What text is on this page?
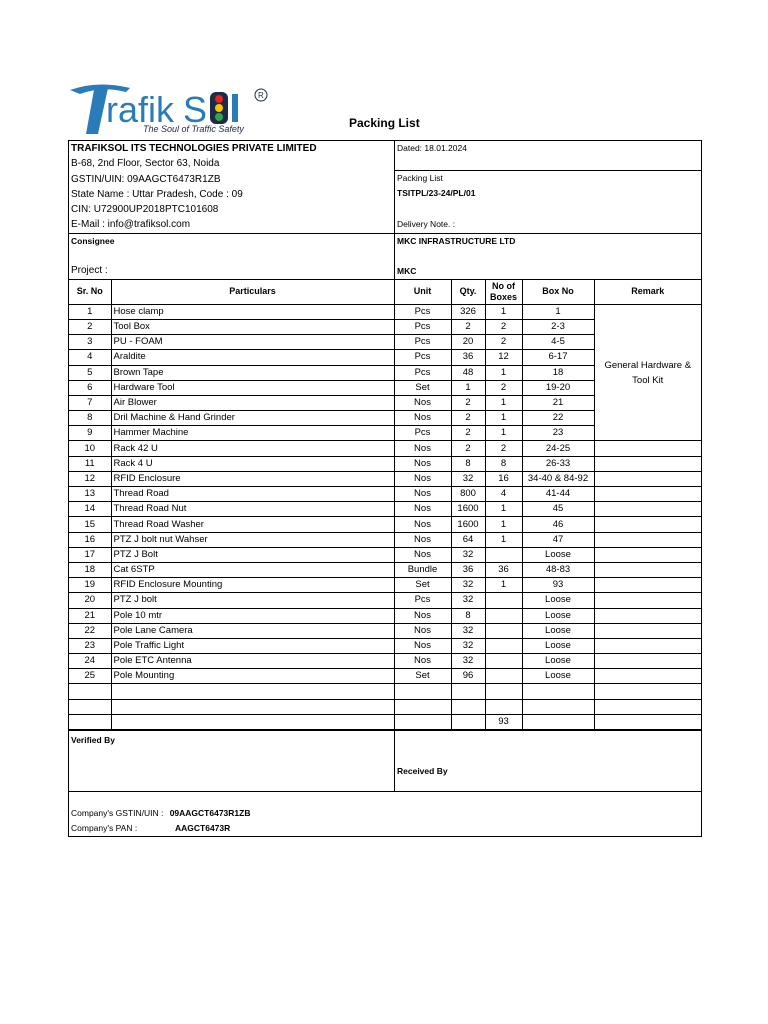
rafik S	R
The Soul of Traffic Safety	Packing List
TRAFIKSOL ITS TECHNOLOGIES PRIVATE LIMITED
B-68, 2nd Floor, Sector 63, Noida
GSTIN/UIN: 09AAGCT6473R1ZB
State Name : Uttar Pradesh, Code : 09
CIN: U72900UP2018PTC101608
E-Mail : info@trafiksol.com
Dated: 18.01.2024
Packing List
TSITPL/23-24/PL/01
Delivery Note. :
Consignee
Project :
MKC INFRASTRUCTURE LTD
MKC
Sr. No	Particulars	Unit	Qty.	No of Boxes	Box No	Remark
1	Hose clamp	Pcs	326	1	1	General Hardware & Tool Kit
2	Tool Box	Pcs	2	2	2-3	
3	PU - FOAM	Pcs	20	2	4-5	
4	Araldite	Pcs	36	12	6-17	
5	Brown Tape	Pcs	48	1	18	
6	Hardware Tool	Set	1	2	19-20	
7	Air Blower	Nos	2	1	21	
8	Dril Machine & Hand Grinder	Nos	2	1	22	
9	Hammer Machine	Pcs	2	1	23	
10	Rack 42 U	Nos	2	2	24-25	
11	Rack 4 U	Nos	8	8	26-33	
12	RFID Enclosure	Nos	32	16	34-40 & 84-92	
13	Thread Road	Nos	800	4	41-44	
14	Thread Road Nut	Nos	1600	1	45	
15	Thread Road Washer	Nos	1600	1	46	
16	PTZ J bolt nut Wahser	Nos	64	1	47	
17	PTZ J Bolt	Nos	32		Loose	
18	Cat 6STP	Bundle	36	36	48-83	
19	RFID Enclosure Mounting	Set	32	1	93	
20	PTZ J bolt	Pcs	32		Loose	
21	Pole 10 mtr	Nos	8		Loose	
22	Pole Lane Camera	Nos	32		Loose	
23	Pole Traffic Light	Nos	32		Loose	
24	Pole ETC Antenna	Nos	32		Loose	
25	Pole Mounting	Set	96		Loose	

				93		
Verified By
Received By
Company's GSTIN/UIN : 09AAGCT6473R1ZB
Company's PAN :	AAGCT6473R
